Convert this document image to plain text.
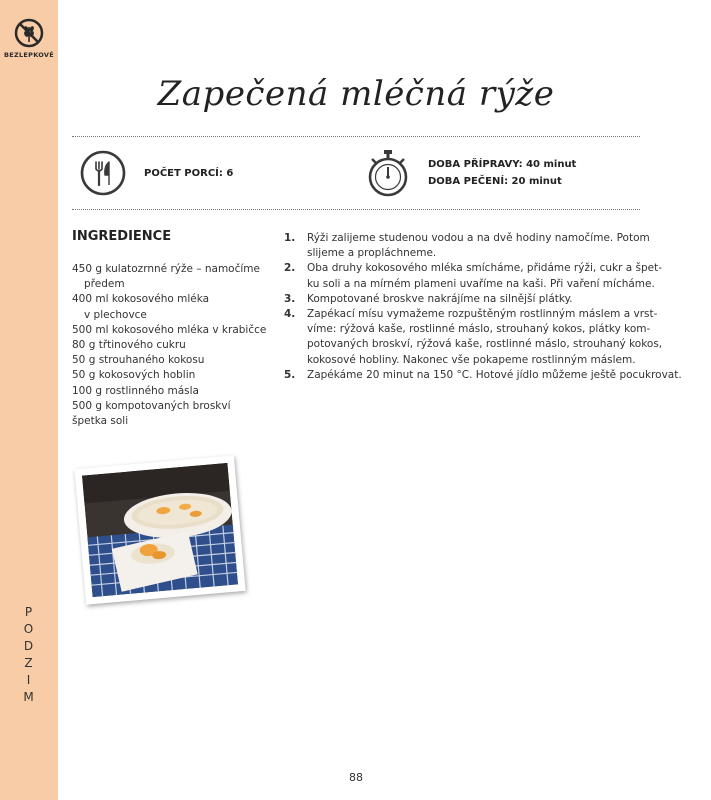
BEZLEPKOVÉ
P
O
D
Z
I
M
Zapečená mléčná rýže
POČET PORCÍ: 6
DOBA PŘÍPRAVY: 40 minut
DOBA PEČENÍ: 20 minut
INGREDIENCE
450 g kulatozrnné rýže – namočíme
předem
400 ml kokosového mléka
v plechovce
500 ml kokosového mléka v krabičce
80 g třtinového cukru
50 g strouhaného kokosu
50 g kokosových hoblin
100 g rostlinného másla
500 g kompotovaných broskví
špetka soli
1.	Rýži zalijeme studenou vodou a na dvě hodiny namočíme. Potom
slijeme a propláchneme.
2.	Oba druhy kokosového mléka smícháme, přidáme rýži, cukr a špet-
ku soli a na mírném plameni uvaříme na kaši. Při vaření mícháme.
3.	Kompotované broskve nakrájíme na silnější plátky.
4.	Zapékací mísu vymažeme rozpuštěným rostlinným máslem a vrst-
víme: rýžová kaše, rostlinné máslo, strouhaný kokos, plátky kom-
potovaných broskví, rýžová kaše, rostlinné máslo, strouhaný kokos,
kokosové hobliny. Nakonec vše pokapeme rostlinným máslem.
5.	Zapékáme 20 minut na 150 °C. Hotové jídlo můžeme ještě pocukrovat.
88
